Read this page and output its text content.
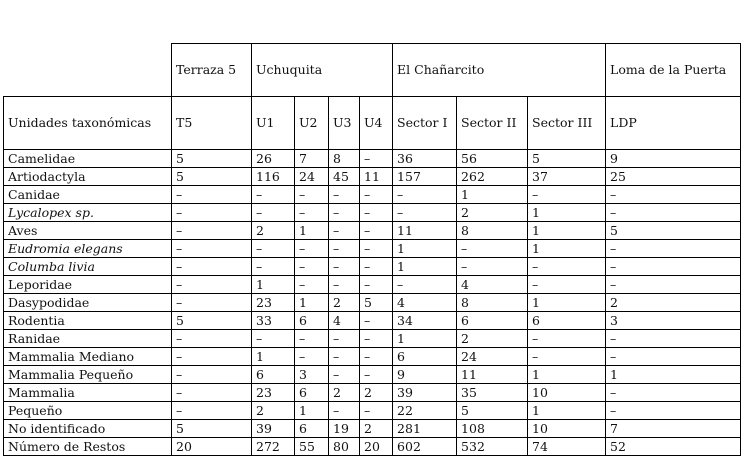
	Terraza 5	Uchuquita				El Chañarcito			Loma de la Puerta
Unidades taxonómicas	T5	U1	U2	U3	U4	Sector I	Sector II	Sector III	LDP
Camelidae	5	26	7	8	–	36	56	5	9
Artiodactyla	5	116	24	45	11	157	262	37	25
Canidae	–	–	–	–	–	–	1	–	–
Lycalopex sp.	–	–	–	–	–	–	2	1	–
Aves	–	2	1	–	–	11	8	1	5
Eudromia elegans	–	–	–	–	–	1	–	1	–
Columba livia	–	–	–	–	–	1	–	–	–
Leporidae	–	1	–	–	–	–	4	–	–
Dasypodidae	–	23	1	2	5	4	8	1	2
Rodentia	5	33	6	4	–	34	6	6	3
Ranidae	–	–	–	–	–	1	2	–	–
Mammalia Mediano	–	1	–	–	–	6	24	–	–
Mammalia Pequeño	–	6	3	–	–	9	11	1	1
Mammalia	–	23	6	2	2	39	35	10	–
Pequeño	–	2	1	–	–	22	5	1	–
No identificado	5	39	6	19	2	281	108	10	7
Número de Restos	20	272	55	80	20	602	532	74	52
